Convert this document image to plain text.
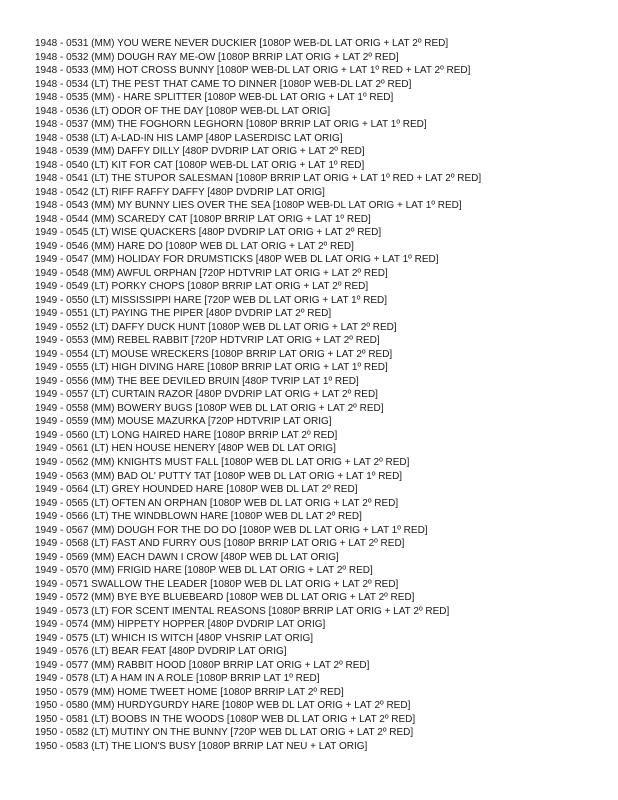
1948 - 0531 (MM) YOU WERE NEVER DUCKIER [1080P WEB-DL LAT ORIG + LAT 2º RED]
1948 - 0532 (MM) DOUGH RAY ME-OW [1080P BRRIP LAT ORIG + LAT 2º RED]
1948 - 0533 (MM) HOT CROSS BUNNY [1080P WEB-DL LAT ORIG + LAT 1º RED + LAT 2º RED]
1948 - 0534 (LT) THE PEST THAT CAME TO DINNER [1080P WEB-DL LAT 2º RED]
1948 - 0535 (MM) - HARE SPLITTER [1080P WEB-DL LAT ORIG + LAT 1º RED]
1948 - 0536 (LT) ODOR OF THE DAY [1080P WEB-DL LAT ORIG]
1948 - 0537 (MM) THE FOGHORN LEGHORN [1080P BRRIP LAT ORIG + LAT 1º RED]
1948 - 0538 (LT) A-LAD-IN HIS LAMP [480P LASERDISC LAT ORIG]
1948 - 0539 (MM) DAFFY DILLY [480P DVDRIP LAT ORIG + LAT 2º RED]
1948 - 0540 (LT) KIT FOR CAT [1080P WEB-DL LAT ORIG + LAT 1º RED]
1948 - 0541 (LT) THE STUPOR SALESMAN [1080P BRRIP LAT ORIG + LAT 1º RED + LAT 2º RED]
1948 - 0542 (LT) RIFF RAFFY DAFFY [480P DVDRIP LAT ORIG]
1948 - 0543 (MM) MY BUNNY LIES OVER THE SEA [1080P WEB-DL LAT ORIG + LAT 1º RED]
1948 - 0544 (MM) SCAREDY CAT [1080P BRRIP LAT ORIG + LAT 1º RED]
1949 - 0545 (LT) WISE QUACKERS [480P DVDRIP LAT ORIG + LAT 2º RED]
1949 - 0546 (MM) HARE DO [1080P WEB DL LAT ORIG + LAT 2º RED]
1949 - 0547 (MM) HOLIDAY FOR DRUMSTICKS [480P WEB DL LAT ORIG + LAT 1º RED]
1949 - 0548 (MM) AWFUL ORPHAN [720P HDTVRIP LAT ORIG + LAT 2º RED]
1949 - 0549 (LT) PORKY CHOPS [1080P BRRIP LAT ORIG + LAT 2º RED]
1949 - 0550 (LT) MISSISSIPPI HARE [720P WEB DL LAT ORIG + LAT 1º RED]
1949 - 0551 (LT) PAYING THE PIPER [480P DVDRIP LAT 2º RED]
1949 - 0552 (LT) DAFFY DUCK HUNT [1080P WEB DL LAT ORIG + LAT 2º RED]
1949 - 0553 (MM) REBEL RABBIT [720P HDTVRIP LAT ORIG + LAT 2º RED]
1949 - 0554 (LT) MOUSE WRECKERS [1080P BRRIP LAT ORIG + LAT 2º RED]
1949 - 0555 (LT) HIGH DIVING HARE [1080P BRRIP LAT ORIG + LAT 1º RED]
1949 - 0556 (MM) THE BEE DEVILED BRUIN [480P TVRIP LAT 1º RED]
1949 - 0557 (LT) CURTAIN RAZOR [480P DVDRIP LAT ORIG + LAT 2º RED]
1949 - 0558 (MM) BOWERY BUGS [1080P WEB DL LAT ORIG + LAT 2º RED]
1949 - 0559 (MM) MOUSE MAZURKA [720P HDTVRIP LAT ORIG]
1949 - 0560 (LT) LONG HAIRED HARE [1080P BRRIP LAT 2º RED]
1949 - 0561 (LT) HEN HOUSE HENERY [480P WEB DL LAT ORIG]
1949 - 0562 (MM) KNIGHTS MUST FALL [1080P WEB DL LAT ORIG + LAT 2º RED]
1949 - 0563 (MM) BAD OL' PUTTY TAT [1080P WEB DL LAT ORIG + LAT 1º RED]
1949 - 0564 (LT) GREY HOUNDED HARE [1080P WEB DL LAT 2º RED]
1949 - 0565 (LT) OFTEN AN ORPHAN [1080P WEB DL LAT ORIG + LAT 2º RED]
1949 - 0566 (LT) THE WINDBLOWN HARE [1080P WEB DL LAT 2º RED]
1949 - 0567 (MM) DOUGH FOR THE DO DO [1080P WEB DL LAT ORIG + LAT 1º RED]
1949 - 0568 (LT) FAST AND FURRY OUS [1080P BRRIP LAT ORIG + LAT 2º RED]
1949 - 0569 (MM) EACH DAWN I CROW [480P WEB DL LAT ORIG]
1949 - 0570 (MM) FRIGID HARE [1080P WEB DL LAT ORIG + LAT 2º RED]
1949 - 0571 SWALLOW THE LEADER [1080P WEB DL LAT ORIG + LAT 2º RED]
1949 - 0572 (MM) BYE BYE BLUEBEARD [1080P WEB DL LAT ORIG + LAT 2º RED]
1949 - 0573 (LT) FOR SCENT IMENTAL REASONS [1080P BRRIP LAT ORIG + LAT 2º RED]
1949 - 0574 (MM) HIPPETY HOPPER [480P DVDRIP LAT ORIG]
1949 - 0575 (LT) WHICH IS WITCH [480P VHSRIP LAT ORIG]
1949 - 0576 (LT) BEAR FEAT [480P DVDRIP LAT ORIG]
1949 - 0577 (MM) RABBIT HOOD [1080P BRRIP LAT ORIG + LAT 2º RED]
1949 - 0578 (LT) A HAM IN A ROLE [1080P BRRIP LAT 1º RED]
1950 - 0579 (MM) HOME TWEET HOME [1080P BRRIP LAT 2º RED]
1950 - 0580 (MM) HURDYGURDY HARE [1080P WEB DL LAT ORIG + LAT 2º RED]
1950 - 0581 (LT) BOOBS IN THE WOODS [1080P WEB DL LAT ORIG + LAT 2º RED]
1950 - 0582 (LT) MUTINY ON THE BUNNY [720P WEB DL LAT ORIG + LAT 2º RED]
1950 - 0583 (LT) THE LION'S BUSY [1080P BRRIP LAT NEU + LAT ORIG]
